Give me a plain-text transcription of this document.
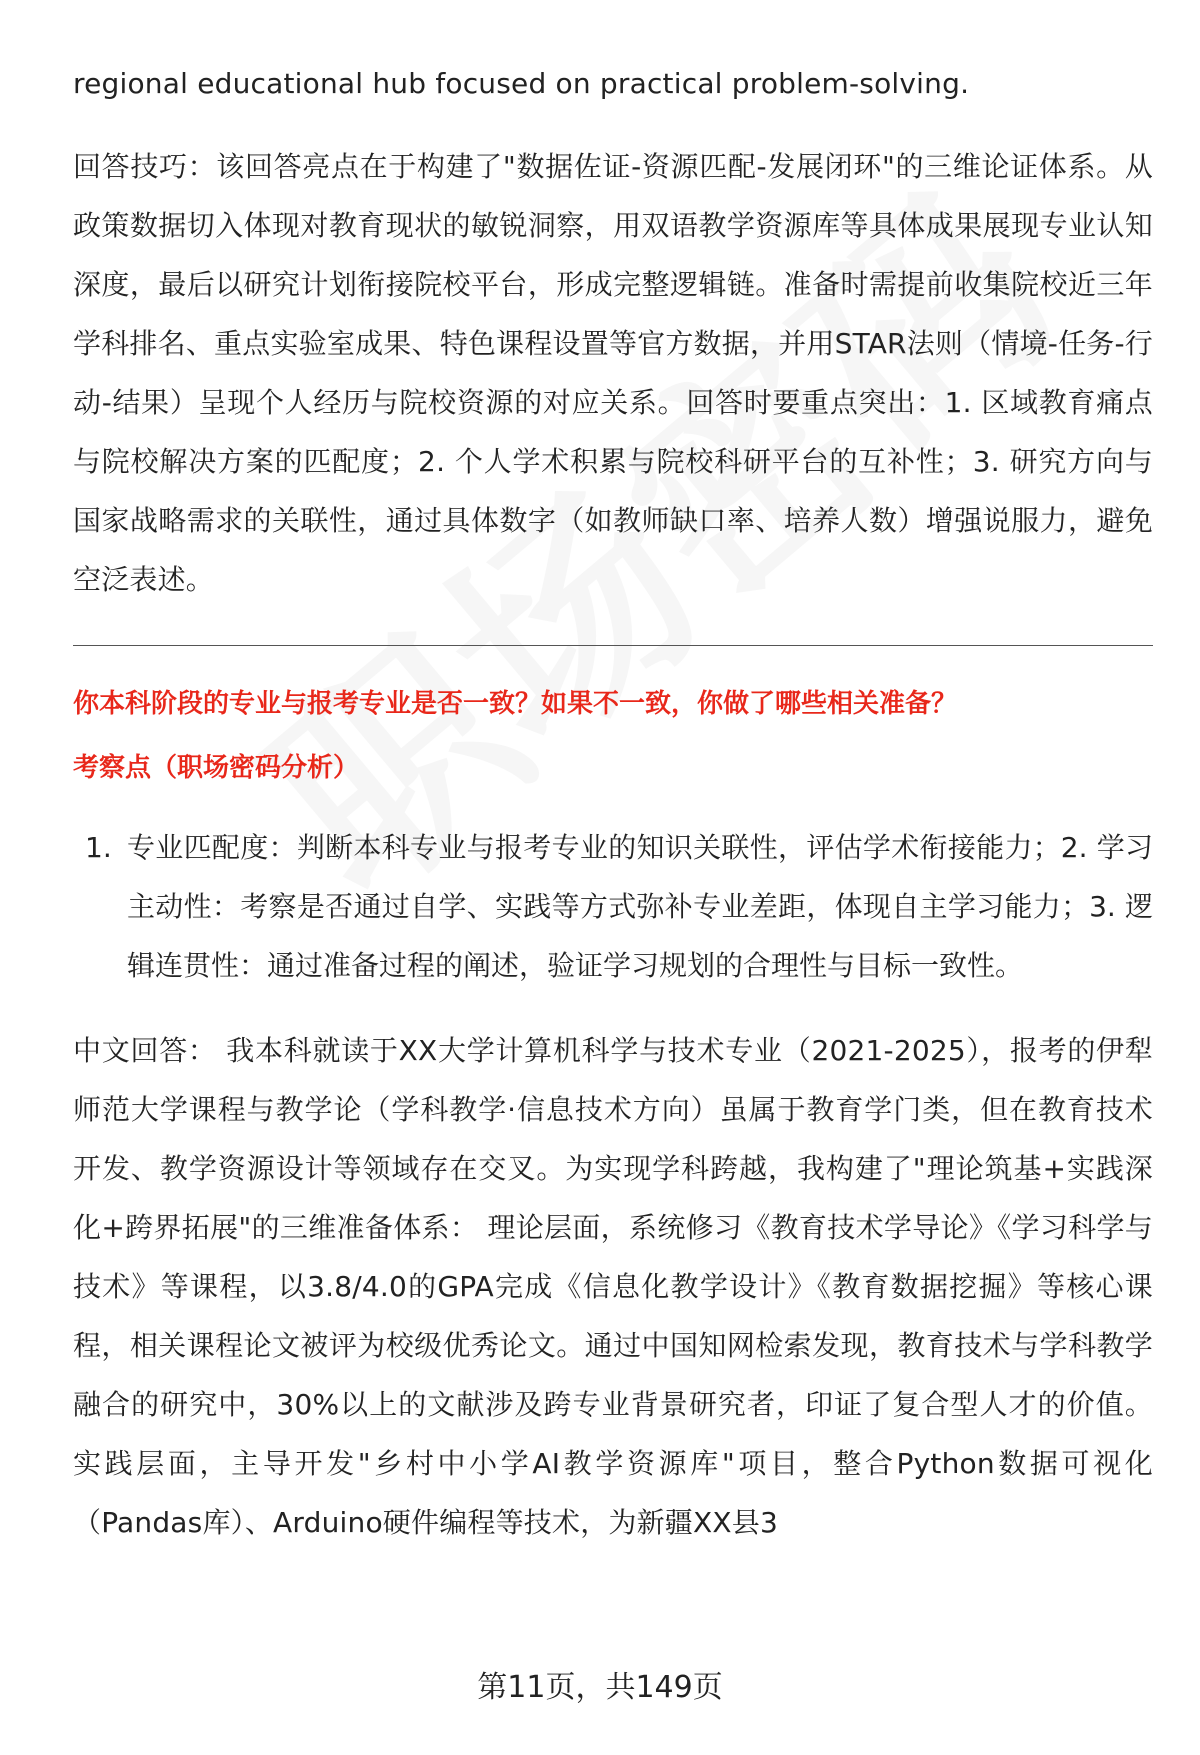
regional educational hub focused on practical problem-solving.

回答技巧：该回答亮点在于构建了"数据佐证-资源匹配-发展闭环"的三维论证体系。从政策数据切入体现对教育现状的敏锐洞察，用双语教学资源库等具体成果展现专业认知深度，最后以研究计划衔接院校平台，形成完整逻辑链。准备时需提前收集院校近三年学科排名、重点实验室成果、特色课程设置等官方数据，并用STAR法则（情境-任务-行动-结果）呈现个人经历与院校资源的对应关系。回答时要重点突出：1. 区域教育痛点与院校解决方案的匹配度；2. 个人学术积累与院校科研平台的互补性；3. 研究方向与国家战略需求的关联性，通过具体数字（如教师缺口率、培养人数）增强说服力，避免空泛表述。

你本科阶段的专业与报考专业是否一致？如果不一致，你做了哪些相关准备？

考察点（职场密码分析）

1. 专业匹配度：判断本科专业与报考专业的知识关联性，评估学术衔接能力；2. 学习主动性：考察是否通过自学、实践等方式弥补专业差距，体现自主学习能力；3. 逻辑连贯性：通过准备过程的阐述，验证学习规划的合理性与目标一致性。

中文回答： 我本科就读于XX大学计算机科学与技术专业（2021-2025），报考的伊犁师范大学课程与教学论（学科教学·信息技术方向）虽属于教育学门类，但在教育技术开发、教学资源设计等领域存在交叉。为实现学科跨越，我构建了"理论筑基+实践深化+跨界拓展"的三维准备体系： 理论层面，系统修习《教育技术学导论》《学习科学与技术》等课程，以3.8/4.0的GPA完成《信息化教学设计》《教育数据挖掘》等核心课程，相关课程论文被评为校级优秀论文。通过中国知网检索发现，教育技术与学科教学融合的研究中，30%以上的文献涉及跨专业背景研究者，印证了复合型人才的价值。 实践层面，主导开发"乡村中小学AI教学资源库"项目，整合Python数据可视化（Pandas库）、Arduino硬件编程等技术，为新疆XX县3

第11页，共149页
